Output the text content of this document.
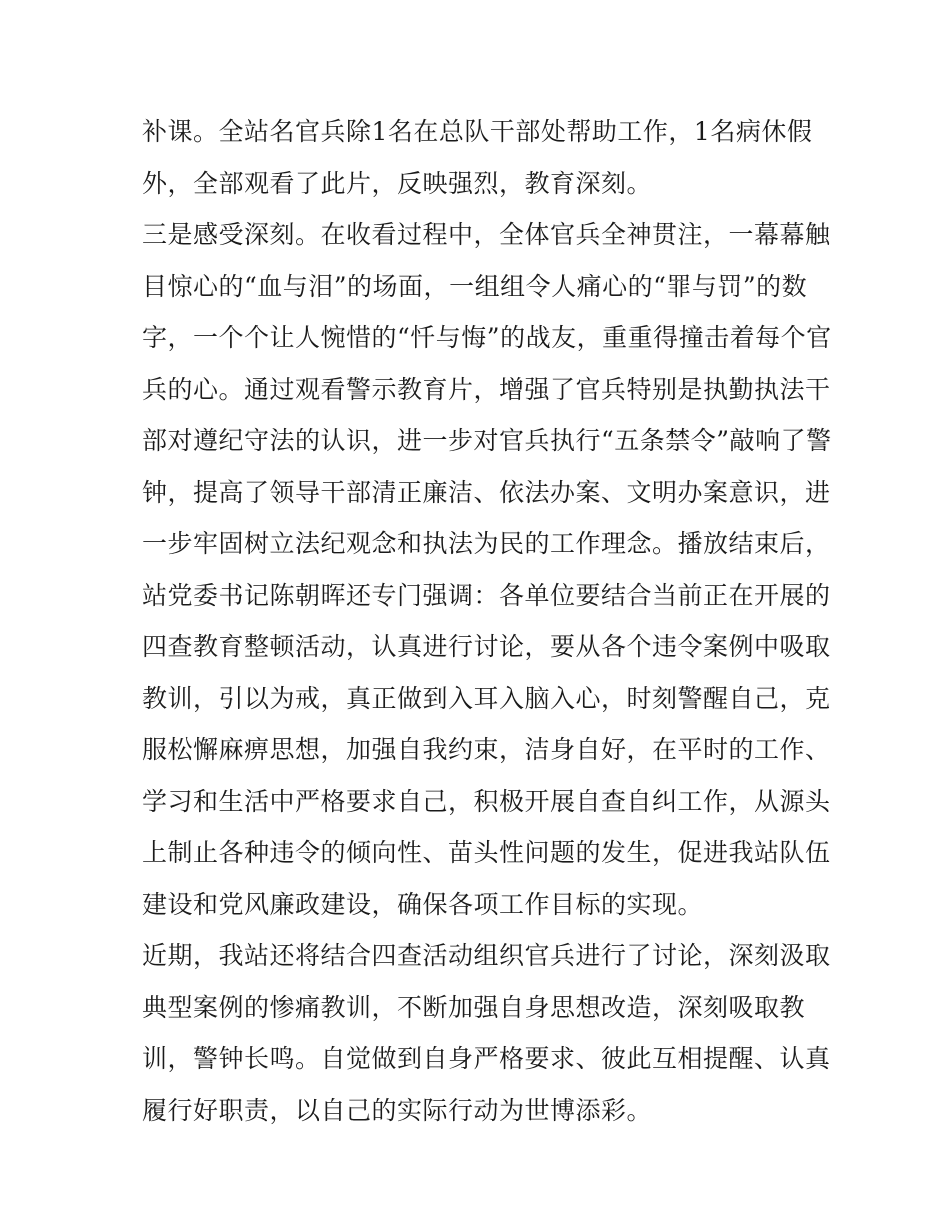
补课。全站名官兵除1名在总队干部处帮助工作，1名病休假
外，全部观看了此片，反映强烈，教育深刻。
三是感受深刻。在收看过程中，全体官兵全神贯注，一幕幕触
目惊心的“血与泪”的场面，一组组令人痛心的“罪与罚”的数
字，一个个让人惋惜的“忏与悔”的战友，重重得撞击着每个官
兵的心。通过观看警示教育片，增强了官兵特别是执勤执法干
部对遵纪守法的认识，进一步对官兵执行“五条禁令”敲响了警
钟，提高了领导干部清正廉洁、依法办案、文明办案意识，进
一步牢固树立法纪观念和执法为民的工作理念。播放结束后，
站党委书记陈朝晖还专门强调：各单位要结合当前正在开展的
四查教育整顿活动，认真进行讨论，要从各个违令案例中吸取
教训，引以为戒，真正做到入耳入脑入心，时刻警醒自己，克
服松懈麻痹思想，加强自我约束，洁身自好，在平时的工作、
学习和生活中严格要求自己，积极开展自查自纠工作，从源头
上制止各种违令的倾向性、苗头性问题的发生，促进我站队伍
建设和党风廉政建设，确保各项工作目标的实现。
近期，我站还将结合四查活动组织官兵进行了讨论，深刻汲取
典型案例的惨痛教训，不断加强自身思想改造，深刻吸取教
训，警钟长鸣。自觉做到自身严格要求、彼此互相提醒、认真
履行好职责，以自己的实际行动为世博添彩。
